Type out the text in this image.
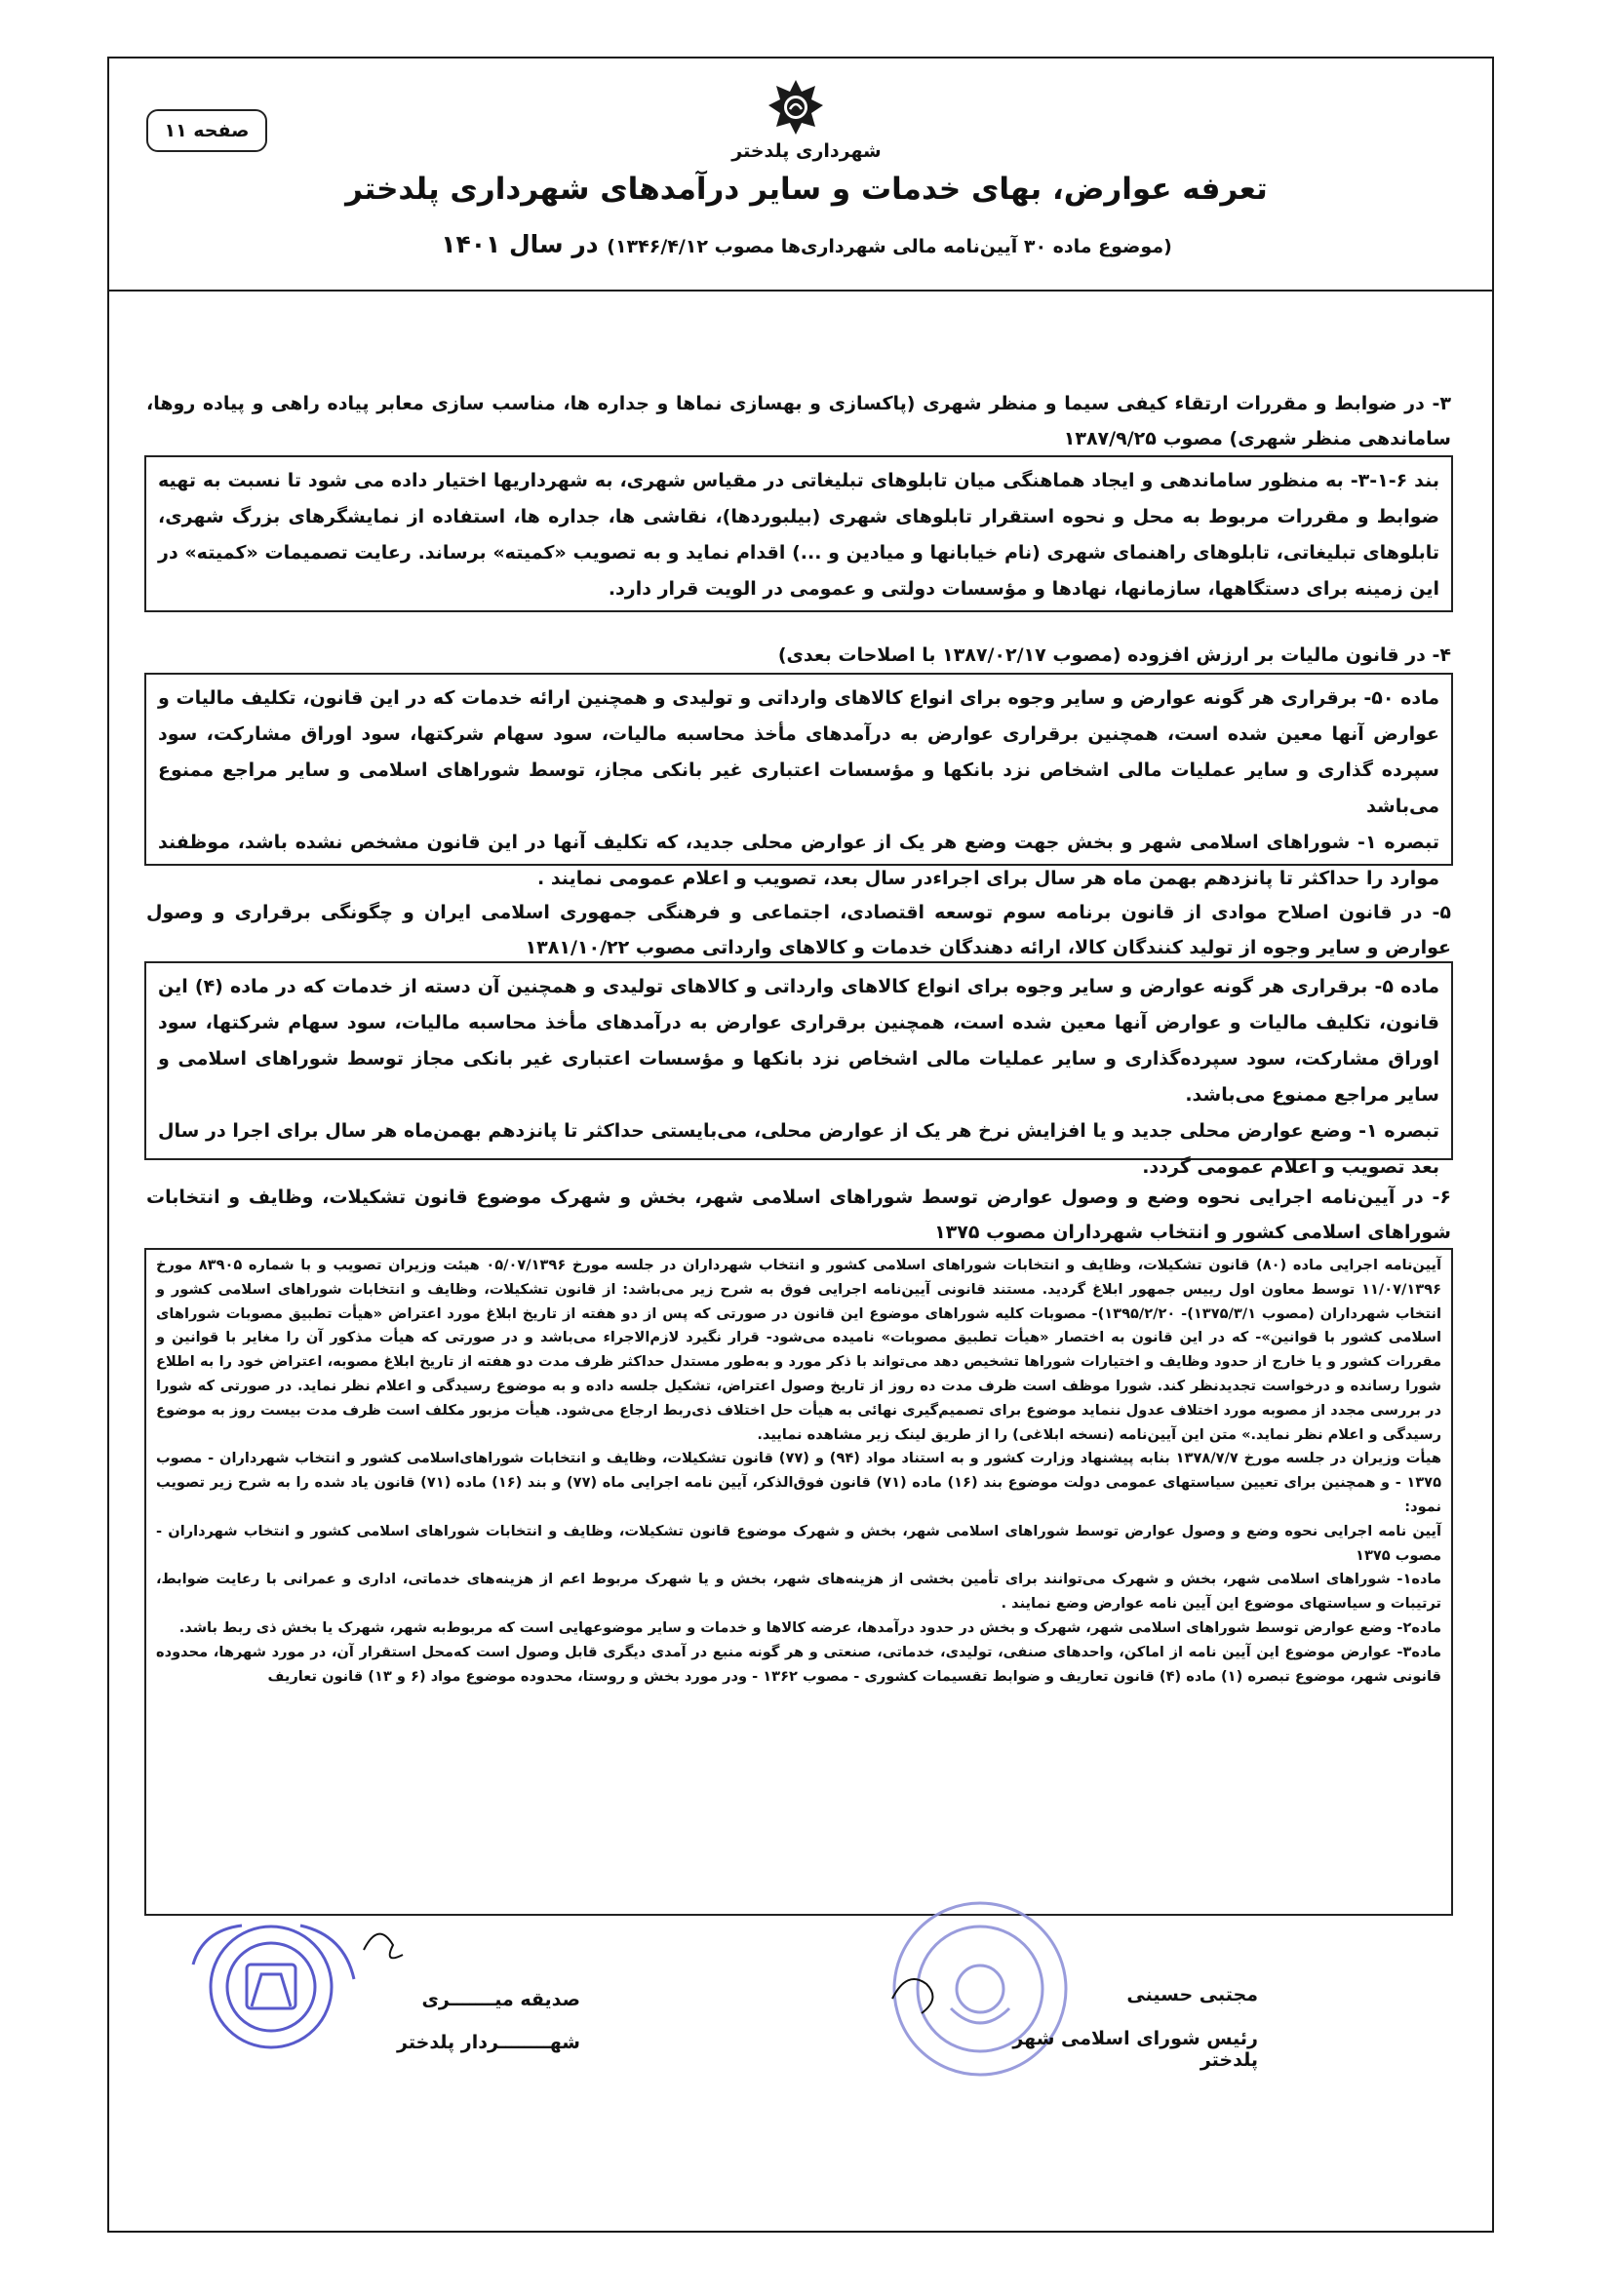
صفحه ۱۱
شهرداری پلدختر
تعرفه عوارض، بهای خدمات و سایر درآمدهای شهرداری پلدختر
(موضوع ماده ۳۰ آیین‌نامه مالی شهرداری‌ها مصوب ۱۳۴۶/۴/۱۲) در سال ۱۴۰۱

۳- در ضوابط و مقررات ارتقاء کیفی سیما و منظر شهری (پاکسازی و بهسازی نماها و جداره ها، مناسب سازی معابر پیاده راهی و پیاده روها، ساماندهی منظر شهری) مصوب ۱۳۸۷/۹/۲۵

بند ۶-۱-۳- به منظور ساماندهی و ایجاد هماهنگی میان تابلوهای تبلیغاتی در مقیاس شهری، به شهرداریها اختیار داده می شود تا نسبت به تهیه ضوابط و مقررات مربوط به محل و نحوه استقرار تابلوهای شهری (بیلبوردها)، نقاشی ها، جداره ها، استفاده از نمایشگرهای بزرگ شهری، تابلوهای تبلیغاتی، تابلوهای راهنمای شهری (نام خیابانها و میادین و ...) اقدام نماید و به تصویب «کمیته» برساند. رعایت تصمیمات «کمیته» در این زمینه برای دستگاهها، سازمانها، نهادها و مؤسسات دولتی و عمومی در الویت قرار دارد.

۴- در قانون مالیات بر ارزش افزوده (مصوب ۱۳۸۷/۰۲/۱۷ با اصلاحات بعدی)

ماده ۵۰- برقراری هر گونه عوارض و سایر وجوه برای انواع کالاهای وارداتی و تولیدی و همچنین ارائه خدمات که در این قانون، تکلیف مالیات و عوارض آنها معین شده است، همچنین برقراری عوارض به درآمدهای مأخذ محاسبه مالیات، سود سهام شرکتها، سود اوراق مشارکت، سود سپرده گذاری و سایر عملیات مالی اشخاص نزد بانکها و مؤسسات اعتباری غیر بانکی مجاز، توسط شوراهای اسلامی و سایر مراجع ممنوع می‌باشد

تبصره ۱- شوراهای اسلامی شهر و بخش جهت وضع هر یک از عوارض محلی جدید، که تکلیف آنها در این قانون مشخص نشده باشد، موظفند موارد را حداکثر تا پانزدهم بهمن ماه هر سال برای اجراءدر سال بعد، تصویب و اعلام عمومی نمایند .

۵- در قانون اصلاح موادی از قانون برنامه سوم توسعه اقتصادی، اجتماعی و فرهنگی جمهوری اسلامی ایران و چگونگی برقراری و وصول عوارض و سایر وجوه از تولید کنندگان کالا، ارائه دهندگان خدمات و کالاهای وارداتی مصوب ۱۳۸۱/۱۰/۲۲

ماده ۵- برقراری هر گونه عوارض و سایر وجوه برای انواع کالاهای وارداتی و کالاهای تولیدی و همچنین آن دسته از خدمات که در ماده (۴) این قانون، تکلیف مالیات و عوارض آنها معین شده است، همچنین برقراری عوارض به درآمدهای مأخذ محاسبه مالیات، سود سهام شرکتها، سود اوراق مشارکت، سود سپرده‌گذاری و سایر عملیات مالی اشخاص نزد بانکها و مؤسسات اعتباری غیر بانکی مجاز توسط شوراهای اسلامی و سایر مراجع ممنوع می‌باشد.

تبصره ۱- وضع عوارض محلی جدید و یا افزایش نرخ هر یک از عوارض محلی، می‌بایستی حداکثر تا پانزدهم بهمن‌ماه هر سال برای اجرا در سال بعد تصویب و اعلام عمومی گردد.

۶- در آیین‌نامه اجرایی نحوه وضع و وصول عوارض توسط شوراهای اسلامی شهر، بخش و شهرک موضوع قانون تشکیلات، وظایف و انتخابات شوراهای اسلامی کشور و انتخاب شهرداران مصوب ۱۳۷۵

آیین‌نامه اجرایی ماده (۸۰) قانون تشکیلات، وظایف و انتخابات شوراهای اسلامی کشور و انتخاب شهرداران در جلسه مورخ ۰۵/۰۷/۱۳۹۶ هیئت وزیران تصویب و با شماره ۸۳۹۰۵ مورخ ۱۱/۰۷/۱۳۹۶ توسط معاون اول رییس جمهور ابلاغ گردید. مستند قانونی آیین‌نامه اجرایی فوق به شرح زیر می‌باشد: از قانون تشکیلات، وظایف و انتخابات شوراهای اسلامی کشور و انتخاب شهرداران (مصوب ۱۳۷۵/۳/۱)- ۱۳۹۵/۲/۲۰)- مصوبات کلیه شوراهای موضوع این قانون در صورتی که پس از دو هفته از تاریخ ابلاغ مورد اعتراض «هیأت تطبیق مصوبات شوراهای اسلامی کشور با قوانین»- که در این قانون به اختصار «هیأت تطبیق مصوبات» نامیده می‌شود- قرار نگیرد لازم‌الاجراء می‌باشد و در صورتی که هیأت مذکور آن را مغایر با قوانین و مقررات کشور و یا خارج از حدود وظایف و اختیارات شوراها تشخیص دهد می‌تواند با ذکر مورد و به‌طور مستدل حداکثر ظرف مدت دو هفته از تاریخ ابلاغ مصوبه، اعتراض خود را به اطلاع شورا رسانده و درخواست تجدیدنظر کند. شورا موظف است ظرف مدت ده روز از تاریخ وصول اعتراض، تشکیل جلسه داده و به موضوع رسیدگی و اعلام نظر نماید. در صورتی که شورا در بررسی مجدد از مصوبه مورد اختلاف عدول ننماید موضوع برای تصمیم‌گیری نهائی به هیأت حل اختلاف ذی‌ربط ارجاع می‌شود. هیأت مزبور مکلف است ظرف مدت بیست روز به موضوع رسیدگی و اعلام نظر نماید.» متن این آیین‌نامه (نسخه ابلاغی) را از طریق لینک زیر مشاهده نمایید.

هیأت وزیران در جلسه مورخ ۱۳۷۸/۷/۷ بنابه پیشنهاد وزارت کشور و به استناد مواد (۹۴) و (۷۷) قانون تشکیلات، وظایف و انتخابات شوراهای‌اسلامی کشور و انتخاب شهرداران - مصوب ۱۳۷۵ - و همچنین برای تعیین سیاستهای عمومی دولت موضوع بند (۱۶) ماده (۷۱) قانون فوق‌الذکر، آیین نامه اجرایی ماه (۷۷) و بند (۱۶) ماده (۷۱) قانون یاد شده را به شرح زیر تصویب نمود:

آیین نامه اجرایی نحوه وضع و وصول عوارض توسط شوراهای اسلامی شهر، بخش و شهرک موضوع قانون تشکیلات، وظایف و انتخابات شوراهای اسلامی کشور و انتخاب شهرداران - مصوب ۱۳۷۵

ماده۱- شوراهای اسلامی شهر، بخش و شهرک می‌توانند برای تأمین بخشی از هزینه‌های شهر، بخش و یا شهرک مربوط اعم از هزینه‌های خدماتی، اداری و عمرانی با رعایت ضوابط، ترتیبات و سیاستهای موضوع این آیین نامه عوارض وضع نمایند .

ماده۲- وضع عوارض توسط شوراهای اسلامی شهر، شهرک و بخش در حدود درآمدها، عرضه کالاها و خدمات و سایر موضوعهایی است که مربوط‌به شهر، شهرک یا بخش ذی ربط باشد.

ماده۳- عوارض موضوع این آیین نامه از اماکن، واحدهای صنفی، تولیدی، خدماتی، صنعتی و هر گونه منبع در آمدی دیگری قابل وصول است که‌محل استقرار آن، در مورد شهرها، محدوده قانونی شهر، موضوع تبصره (۱) ماده (۴) قانون تعاریف و ضوابط تقسیمات کشوری - مصوب ۱۳۶۲ - ودر مورد بخش و روستا، محدوده موضوع مواد (۶ و ۱۳) قانون تعاریف

صدیقه میـــــــری
شهــــــــردار پلدختر
مجتبی حسینی
رئیس شورای اسلامی شهر پلدختر
